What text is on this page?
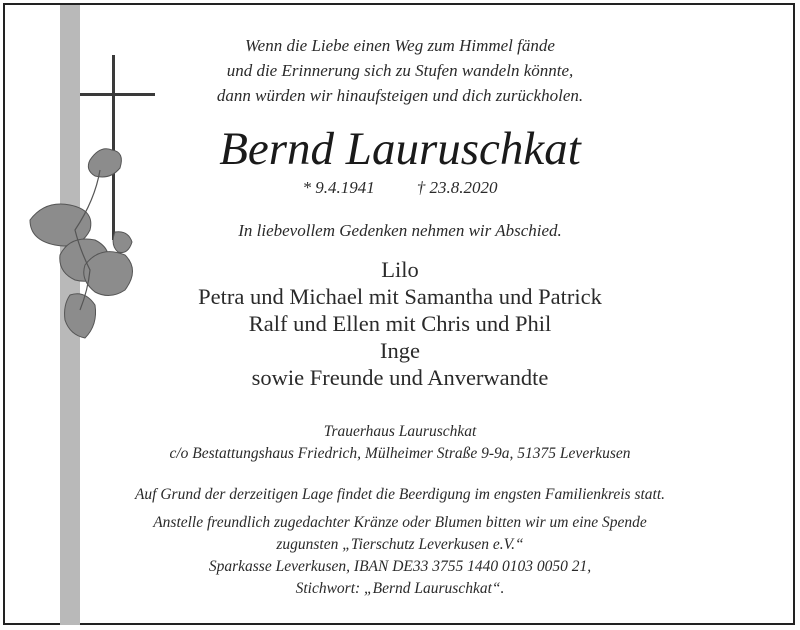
Wenn die Liebe einen Weg zum Himmel fände
und die Erinnerung sich zu Stufen wandeln könnte,
dann würden wir hinaufsteigen und dich zurückholen.
Bernd Lauruschkat
* 9.4.1941 † 23.8.2020
In liebevollem Gedenken nehmen wir Abschied.
Lilo
Petra und Michael mit Samantha und Patrick
Ralf und Ellen mit Chris und Phil
Inge
sowie Freunde und Anverwandte
Trauerhaus Lauruschkat
c/o Bestattungshaus Friedrich, Mülheimer Straße 9-9a, 51375 Leverkusen
Auf Grund der derzeitigen Lage findet die Beerdigung im engsten Familienkreis statt.
Anstelle freundlich zugedachter Kränze oder Blumen bitten wir um eine Spende
zugunsten „Tierschutz Leverkusen e.V.“
Sparkasse Leverkusen, IBAN DE33 3755 1440 0103 0050 21,
Stichwort: „Bernd Lauruschkat“.
